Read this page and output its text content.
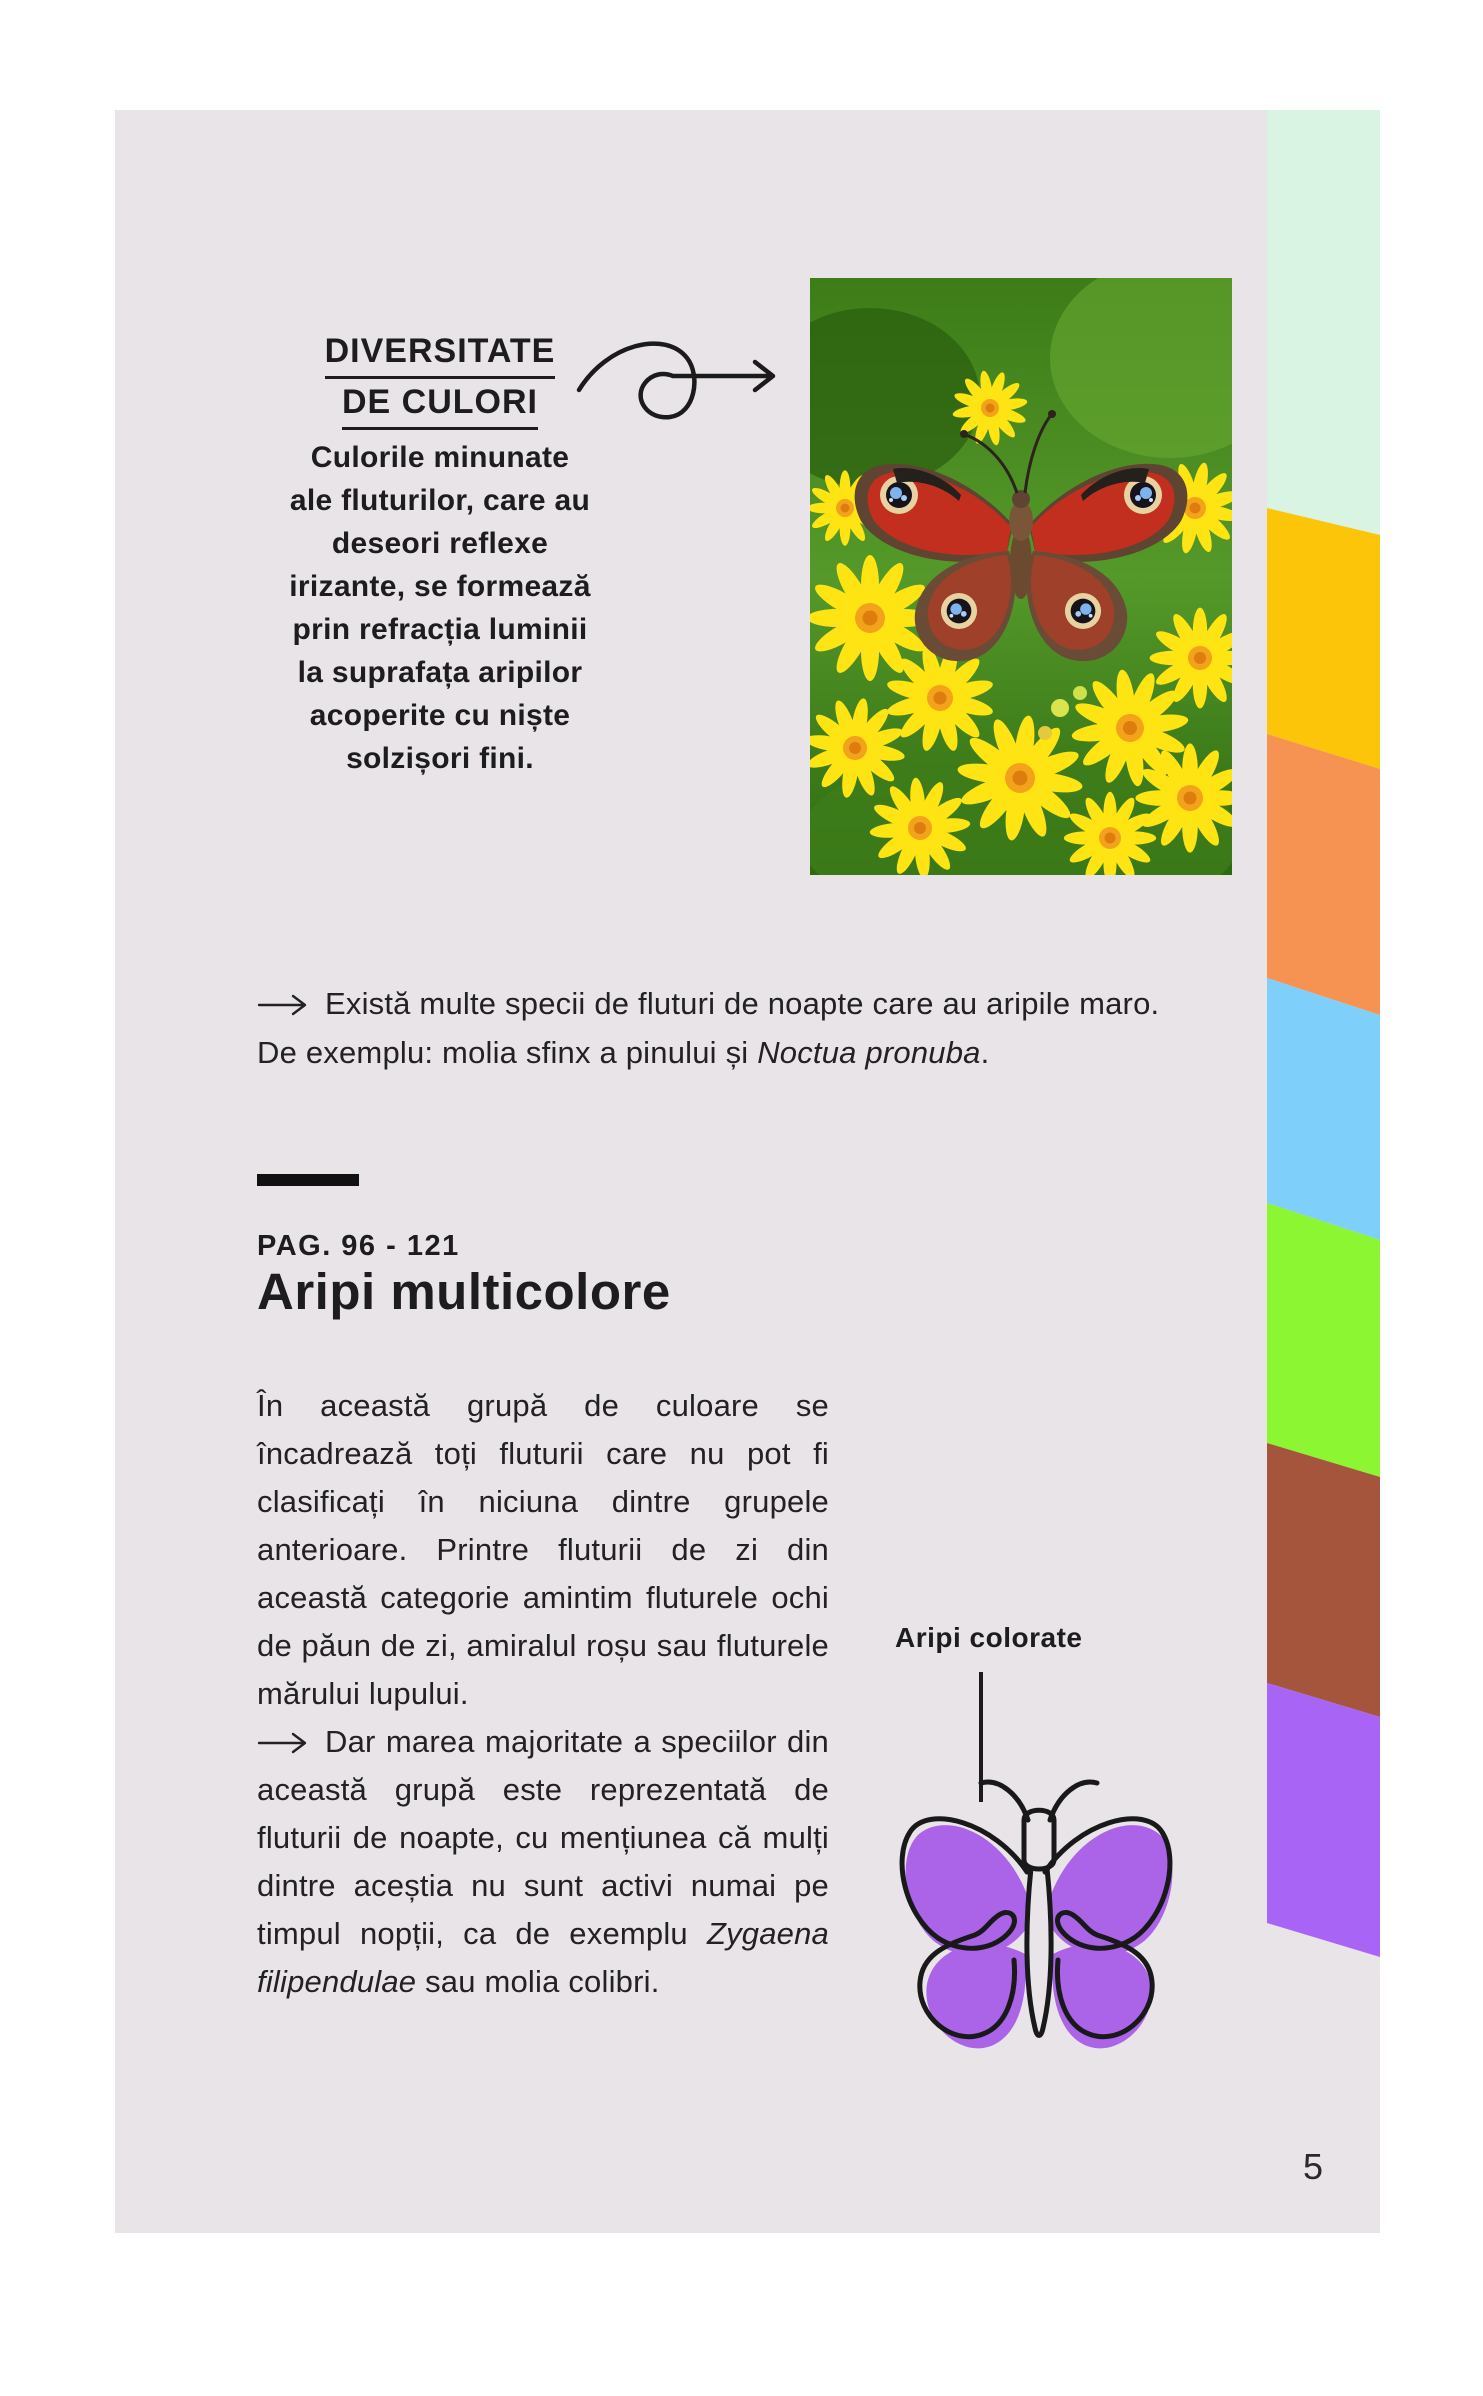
DIVERSITATE
DE CULORI
Culorile minunate
ale fluturilor, care au
deseori reflexe
irizante, se formează
prin refracția luminii
la suprafața aripilor
acoperite cu niște
solzișori fini.

Există multe specii de fluturi de noapte care au aripile maro. De exemplu: molia sfinx a pinului și Noctua pronuba.

PAG. 96 - 121
Aripi multicolore

În această grupă de culoare se încadrează toți fluturii care nu pot fi clasificați în niciuna dintre grupele anterioare. Printre fluturii de zi din această categorie amintim fluturele ochi de păun de zi, amiralul roșu sau fluturele mărului lupului.

Dar marea majoritate a speciilor din această grupă este reprezentată de fluturii de noapte, cu mențiunea că mulți dintre aceștia nu sunt activi numai pe timpul nopții, ca de exemplu Zygaena filipendulae sau molia colibri.

Aripi colorate
5
